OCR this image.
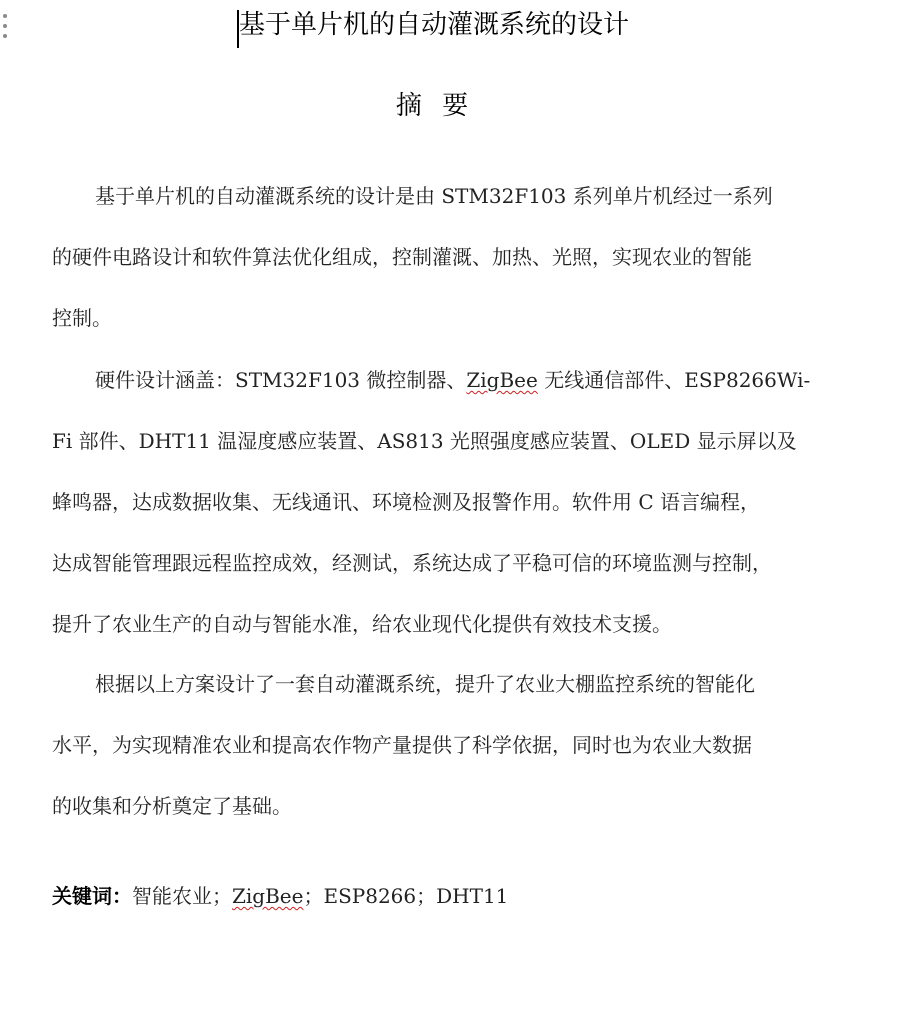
基于单片机的自动灌溉系统的设计
摘 要
基于单片机的自动灌溉系统的设计是由 STM32F103 系列单片机经过一系列
的硬件电路设计和软件算法优化组成，控制灌溉、加热、光照，实现农业的智能
控制。
硬件设计涵盖：STM32F103 微控制器、ZigBee 无线通信部件、ESP8266Wi-
Fi 部件、DHT11 温湿度感应装置、AS813 光照强度感应装置、OLED 显示屏以及
蜂鸣器，达成数据收集、无线通讯、环境检测及报警作用。软件用 C 语言编程，
达成智能管理跟远程监控成效，经测试，系统达成了平稳可信的环境监测与控制，
提升了农业生产的自动与智能水准，给农业现代化提供有效技术支援。
根据以上方案设计了一套自动灌溉系统，提升了农业大棚监控系统的智能化
水平，为实现精准农业和提高农作物产量提供了科学依据，同时也为农业大数据
的收集和分析奠定了基础。
关键词：智能农业；ZigBee；ESP8266；DHT11
